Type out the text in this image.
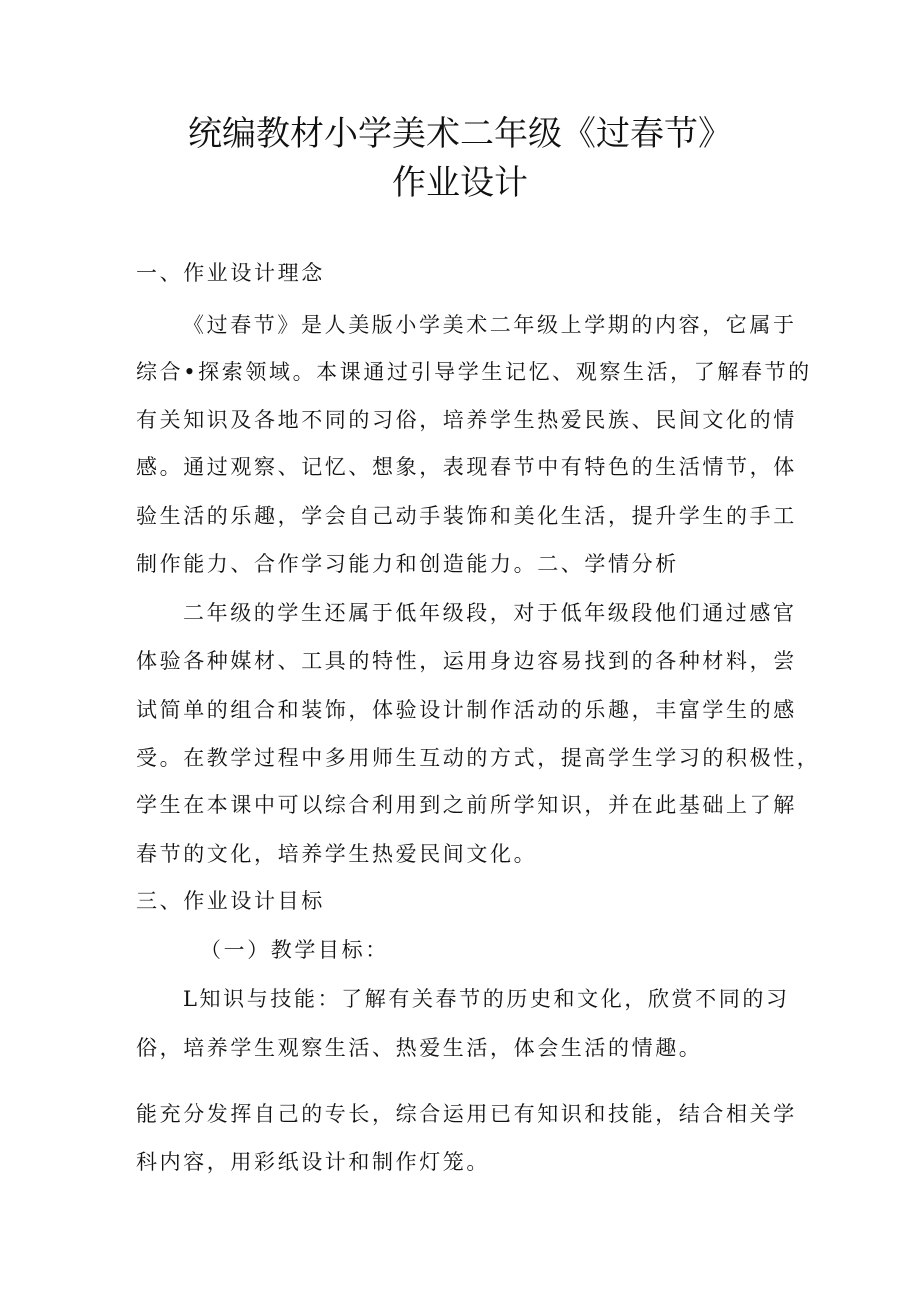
统编教材小学美术二年级《过春节》
作业设计
一、作业设计理念
《过春节》是人美版小学美术二年级上学期的内容，它属于
综合•探索领域。本课通过引导学生记忆、观察生活，了解春节的
有关知识及各地不同的习俗，培养学生热爱民族、民间文化的情
感。通过观察、记忆、想象，表现春节中有特色的生活情节，体
验生活的乐趣，学会自己动手装饰和美化生活，提升学生的手工
制作能力、合作学习能力和创造能力。二、学情分析
二年级的学生还属于低年级段，对于低年级段他们通过感官
体验各种媒材、工具的特性，运用身边容易找到的各种材料，尝
试简单的组合和装饰，体验设计制作活动的乐趣，丰富学生的感
受。在教学过程中多用师生互动的方式，提高学生学习的积极性，
学生在本课中可以综合利用到之前所学知识，并在此基础上了解
春节的文化，培养学生热爱民间文化。
三、作业设计目标
（一）教学目标：
L知识与技能：了解有关春节的历史和文化，欣赏不同的习
俗，培养学生观察生活、热爱生活，体会生活的情趣。
能充分发挥自己的专长，综合运用已有知识和技能，结合相关学
科内容，用彩纸设计和制作灯笼。
